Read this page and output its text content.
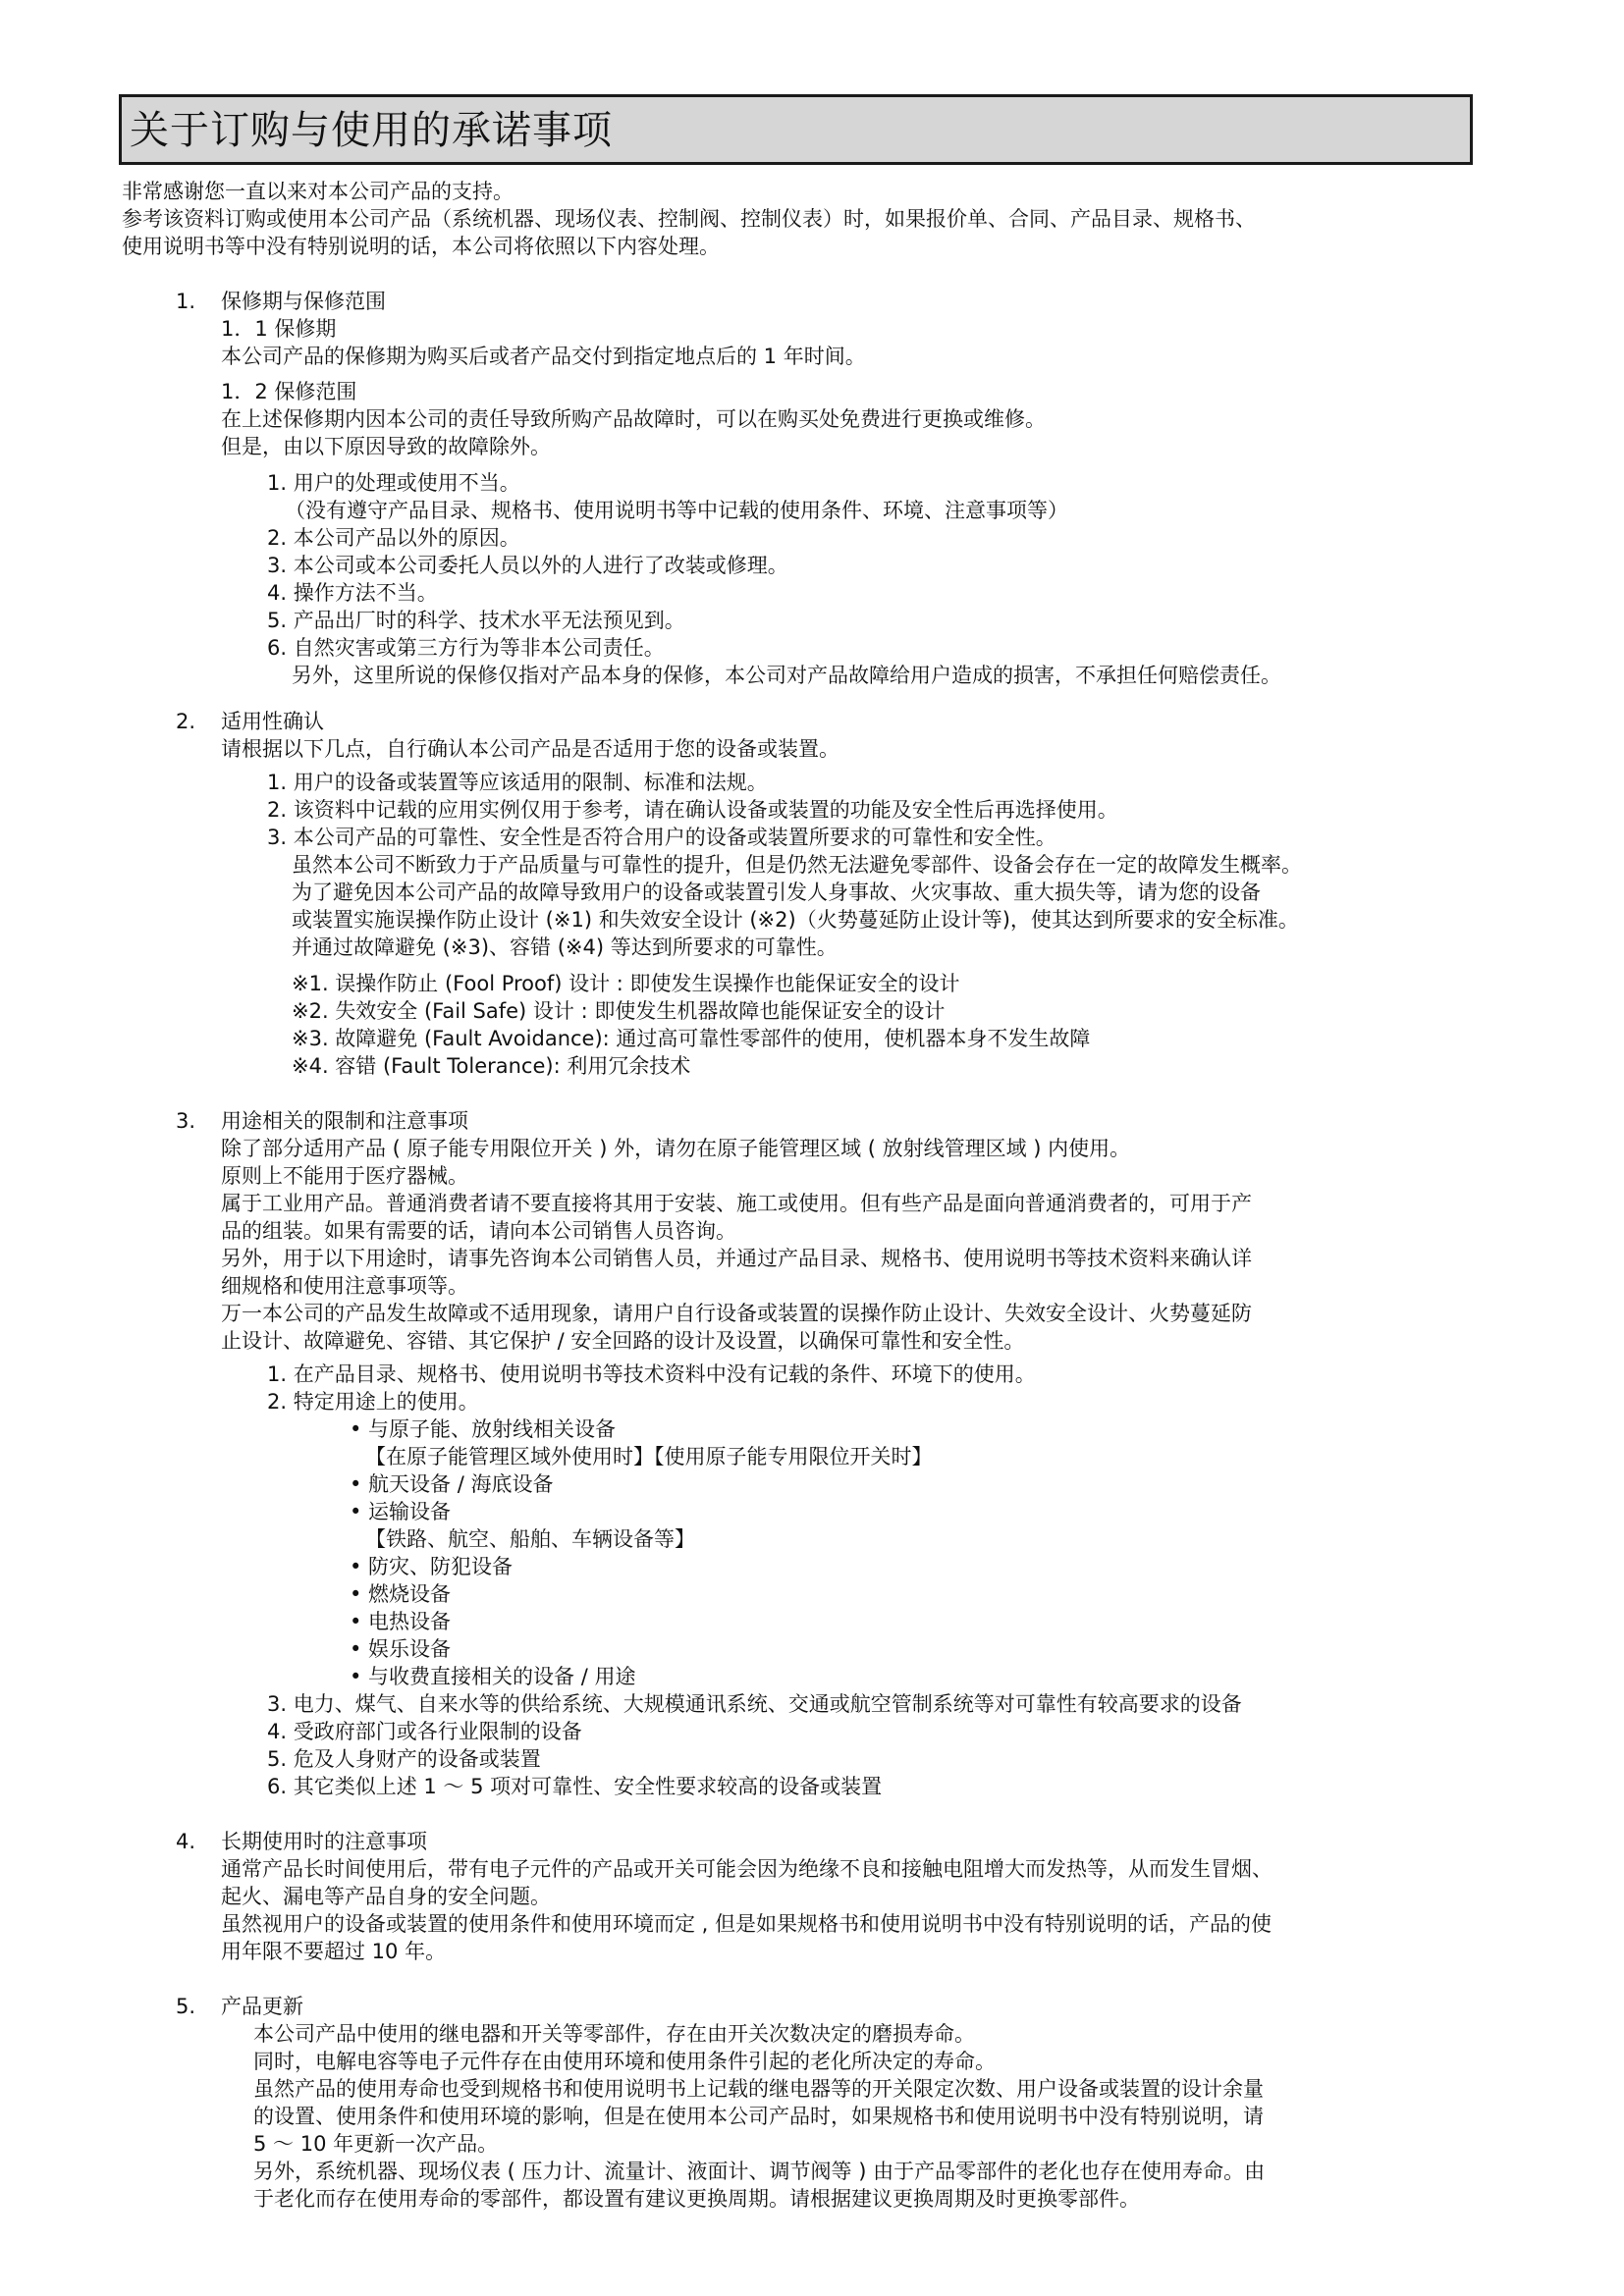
关于订购与使用的承诺事项
非常感谢您一直以来对本公司产品的支持。
参考该资料订购或使用本公司产品（系统机器、现场仪表、控制阀、控制仪表）时，如果报价单、合同、产品目录、规格书、
使用说明书等中没有特别说明的话，本公司将依照以下内容处理。
1. 保修期与保修范围
1．1 保修期
本公司产品的保修期为购买后或者产品交付到指定地点后的 1 年时间。
1．2 保修范围
在上述保修期内因本公司的责任导致所购产品故障时，可以在购买处免费进行更换或维修。
但是，由以下原因导致的故障除外。
1. 用户的处理或使用不当。
（没有遵守产品目录、规格书、使用说明书等中记载的使用条件、环境、注意事项等）
2. 本公司产品以外的原因。
3. 本公司或本公司委托人员以外的人进行了改装或修理。
4. 操作方法不当。
5. 产品出厂时的科学、技术水平无法预见到。
6. 自然灾害或第三方行为等非本公司责任。
另外，这里所说的保修仅指对产品本身的保修，本公司对产品故障给用户造成的损害，不承担任何赔偿责任。
2. 适用性确认
请根据以下几点，自行确认本公司产品是否适用于您的设备或装置。
1. 用户的设备或装置等应该适用的限制、标准和法规。
2. 该资料中记载的应用实例仅用于参考，请在确认设备或装置的功能及安全性后再选择使用。
3. 本公司产品的可靠性、安全性是否符合用户的设备或装置所要求的可靠性和安全性。
虽然本公司不断致力于产品质量与可靠性的提升，但是仍然无法避免零部件、设备会存在一定的故障发生概率。
为了避免因本公司产品的故障导致用户的设备或装置引发人身事故、火灾事故、重大损失等，请为您的设备
或装置实施误操作防止设计 (※1) 和失效安全设计 (※2)（火势蔓延防止设计等)，使其达到所要求的安全标准。
并通过故障避免 (※3)、容错 (※4) 等达到所要求的可靠性。
※1. 误操作防止 (Fool Proof) 设计 : 即使发生误操作也能保证安全的设计
※2. 失效安全 (Fail Safe) 设计 : 即使发生机器故障也能保证安全的设计
※3. 故障避免 (Fault Avoidance): 通过高可靠性零部件的使用，使机器本身不发生故障
※4. 容错 (Fault Tolerance): 利用冗余技术
3. 用途相关的限制和注意事项
除了部分适用产品 ( 原子能专用限位开关 ) 外，请勿在原子能管理区域 ( 放射线管理区域 ) 内使用。
原则上不能用于医疗器械。
属于工业用产品。普通消费者请不要直接将其用于安装、施工或使用。但有些产品是面向普通消费者的，可用于产
品的组装。如果有需要的话，请向本公司销售人员咨询。
另外，用于以下用途时，请事先咨询本公司销售人员，并通过产品目录、规格书、使用说明书等技术资料来确认详
细规格和使用注意事项等。
万一本公司的产品发生故障或不适用现象，请用户自行设备或装置的误操作防止设计、失效安全设计、火势蔓延防
止设计、故障避免、容错、其它保护 / 安全回路的设计及设置，以确保可靠性和安全性。
1. 在产品目录、规格书、使用说明书等技术资料中没有记载的条件、环境下的使用。
2. 特定用途上的使用。
• 与原子能、放射线相关设备
【在原子能管理区域外使用时】【使用原子能专用限位开关时】
• 航天设备 / 海底设备
• 运输设备
【铁路、航空、船舶、车辆设备等】
• 防灾、防犯设备
• 燃烧设备
• 电热设备
• 娱乐设备
• 与收费直接相关的设备 / 用途
3. 电力、煤气、自来水等的供给系统、大规模通讯系统、交通或航空管制系统等对可靠性有较高要求的设备
4. 受政府部门或各行业限制的设备
5. 危及人身财产的设备或装置
6. 其它类似上述 1 ～ 5 项对可靠性、安全性要求较高的设备或装置
4. 长期使用时的注意事项
通常产品长时间使用后，带有电子元件的产品或开关可能会因为绝缘不良和接触电阻增大而发热等，从而发生冒烟、
起火、漏电等产品自身的安全问题。
虽然视用户的设备或装置的使用条件和使用环境而定 , 但是如果规格书和使用说明书中没有特别说明的话，产品的使
用年限不要超过 10 年。
5. 产品更新
本公司产品中使用的继电器和开关等零部件，存在由开关次数决定的磨损寿命。
同时，电解电容等电子元件存在由使用环境和使用条件引起的老化所决定的寿命。
虽然产品的使用寿命也受到规格书和使用说明书上记载的继电器等的开关限定次数、用户设备或装置的设计余量
的设置、使用条件和使用环境的影响，但是在使用本公司产品时，如果规格书和使用说明书中没有特别说明，请
5 ～ 10 年更新一次产品。
另外，系统机器、现场仪表 ( 压力计、流量计、液面计、调节阀等 ) 由于产品零部件的老化也存在使用寿命。由
于老化而存在使用寿命的零部件，都设置有建议更换周期。请根据建议更换周期及时更换零部件。
